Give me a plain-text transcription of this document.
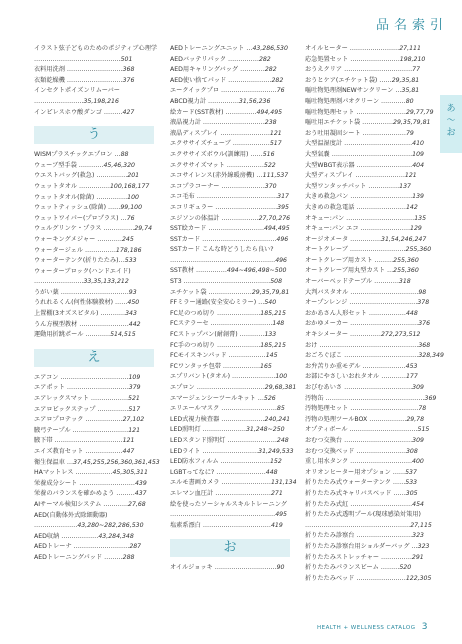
品名索引
イラスト弦子どものためのポジティブ心理学
……………………………………501
衣料用洗剤 ………………………368
衣類乾燥機 ………………………376
インセクトポイズンリムーバー
……………………35,198,216
インピレスホウ酸ダンゴ ………427
う
WISMプラスチックエプロン …88
ウェーブ型手袋 …………45,46,320
ウエストバッグ(救急) ……………201
ウェットタオル ……………100,168,177
ウェットタオル(除菌) ……………100
ウェットティッシュ(除菌) ……99,100
ウェットワイパー(プロプラス) …76
ウェルグリンケ・プラス ……………29,74
ウォーキングメジャー …………245
ウォータージェル ……………178,186
ウォーターテンク(折りたたみ)…533
ウォーターブロック(ハンドエイド)
……………………33,35,133,212
うがい薬 ……………………………93
うれれるくん(何性体験教材) ……450
上置棚(3オズスピタル) …………343
うん方模型教材 ……………………442
運動用折跳ポール …………514,515
え
エアコン ……………………………109
エアポット …………………………379
エアレックスマット ………………521
エアロビックステップ ……………517
エアロプロテック ………………27,102
腋弓テープル ………………………121
腋下帯 ……………………………121
エイズ教育セット ………………447
衛生保温車 …37,45,255,256,360,361,453
HAマットレス ………………45,305,311
栄養成分シート ………………………439
栄養のバランスを確かめよう ………437
AIサーマル検知システム …………27,68
AED(自動体外式除細動器)
…………………43,280~282,286,530
AED収納 ………………43,284,348
AEDトレーナ ………………………287
AEDトレーニングパッド ………288
AEDトレーニングユニット …43,286,530
AEDバッテリパック ……………282
AED用キャリングバッグ …………282
AED使い捨てパッド …………………282
エークイックプロ ………………………76
ABCD視力計 ……………31,56,236
絵カード(SST教材) ……………494,495
液晶視力計 …………………………238
液晶ディスプレイ ……………………121
エクササイズチューブ ………………517
エクササイズボウル(訓練用) ……516
エクササイズマット ………………522
エコサイレンス(赤外線暖房機) …111,537
エコプラコーナー …………………370
エコ毛布 …………………………………317
エコリギュラー …………………………395
エジソンの体温計 ………………27,70,276
SST絵カード ………………………494,495
SSTカード ………………………………496
SSTカード こんな時どうしたら良い?
……………………………………………496
SST教材 ……………494~496,498~500
ST3 ……………………………………508
エチケット袋 …………………29,35,79,81
FFミラー通路(安全安心ミラー) …540
FC足のつめ切り …………………185,215
FCステラーセ …………………………148
FCストップバン(耐創膏) …………133
FC手のつめ切り …………………185,215
FCモイスキンパッド ………………145
FCワンタッチ包帯 ………………165
エプリバント(タオル) …………………100
エプロン ……………………………29,68,381
エマージェンシーツールキット …526
エリエールマスク ………………………85
LED式視力検査器 …………………240,241
LED照明灯 …………………31,248~250
LEDスタンド照明灯 ……………………248
LEDライト ………………………31,249,533
LED防水フィルム ……………………152
LGBTってなに? ……………………448
エルモ書画カメラ ……………………131,134
エレマン血圧計 ………………………271
絵を使ったソーシャルスキルトレーニング
……………………………………………495
塩素系漂白 ……………………………419
お
オイルジョッキ …………………………90
オイルヒーター ……………………27,111
応急処置セット ……………………198,210
おうえクリア ……………………………77
おうとケア(エチケット袋) ……29,35,81
嘔吐物処理剤NEWサンクリーン …35,81
嘔吐物処理剤パオクリーン …………80
嘔吐物処理セット ……………………29,77,79
嘔吐用エチケット袋 ……………29,35,79,81
おう吐用凝固シート …………………79
大型温湿度計 ……………………………410
大型氣嚢 …………………………………109
大型WBGT表示器 ………………………404
大型ディスプレイ ……………………121
大型ワンタッチパット ……………137
大きめ救急パン …………………………139
大きめの救急電話 ……………………142
オキュー:パン ……………………………135
オキュー:パン エコ ……………………129
オージオメータ ……………31,54,246,247
オートクレーブ ………………………255,360
オートクレーブ用カスト ………255,360
オートクレーブ用丸型カスト …255,360
オーバーベッドテーブル …………318
大判バスタオル ……………………………98
オープンレンジ ……………………………378
おかあさん人形セット ………………448
おかゆメーカー ……………………………376
オキシメーター ……………272,273,512
おけ …………………………………………368
おごろぐぼこ ………………………………328,349
お弁苦りか重モデル …………………453
お部にやさしいおれタオル …………177
おびむあいさ ……………………………309
汚物缶 …………………………………………369
汚物処理セット ……………………………78
汚物の処理ツールBOX ………………29,78
オプティボール ……………………………515
おむつ交換台 ……………………………309
おむつ交換ベッド ……………………308
重し用水タンク …………………………400
オリオンヒーター用オプション ……537
折りたたみ式ウォーターテンク ……533
折りたたみ式キャリバスベッド ……305
折りたたみ式紅 …………………………454
折りたたみ式透明プール(現球感染対策用)
……………………………………………27,115
折りたたみ診察台 ………………………323
折りたたみ診察台用ショルダーバッグ …323
折りたたみストレッチャー ……………291
折りたたみパランスビーム ………520
折りたたみベッド ……………………122,305
あ
〜
お
HEALTH + WELLNESS CATALOG 3
